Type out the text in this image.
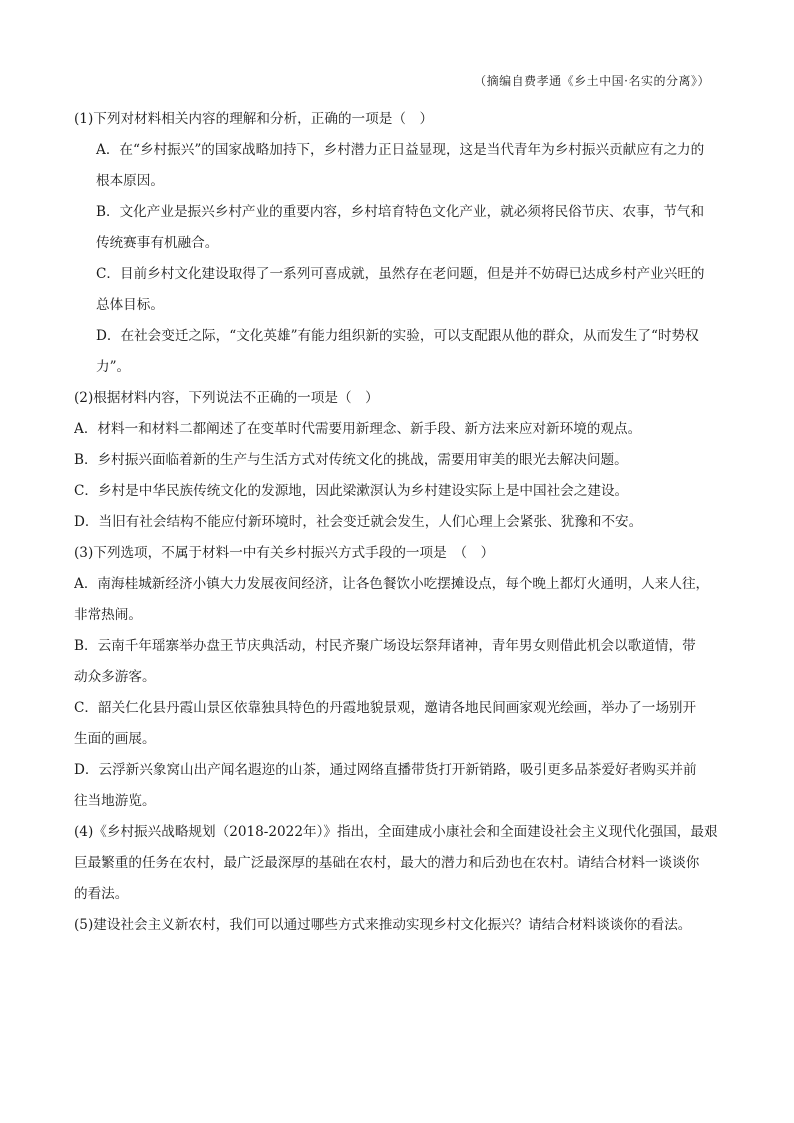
（摘编自费孝通《乡土中国·名实的分离》）
(1)下列对材料相关内容的理解和分析，正确的一项是（　）
A．在“乡村振兴”的国家战略加持下，乡村潜力正日益显现，这是当代青年为乡村振兴贡献应有之力的
根本原因。
B．文化产业是振兴乡村产业的重要内容，乡村培育特色文化产业，就必须将民俗节庆、农事，节气和
传统赛事有机融合。
C．目前乡村文化建设取得了一系列可喜成就，虽然存在老问题，但是并不妨碍已达成乡村产业兴旺的
总体目标。
D．在社会变迁之际，“文化英雄”有能力组织新的实验，可以支配跟从他的群众，从而发生了“时势权
力”。
(2)根据材料内容，下列说法不正确的一项是（　）
A．材料一和材料二都阐述了在变革时代需要用新理念、新手段、新方法来应对新环境的观点。
B．乡村振兴面临着新的生产与生活方式对传统文化的挑战，需要用审美的眼光去解决问题。
C．乡村是中华民族传统文化的发源地，因此梁漱溟认为乡村建设实际上是中国社会之建设。
D．当旧有社会结构不能应付新环境时，社会变迁就会发生，人们心理上会紧张、犹豫和不安。
(3)下列选项，不属于材料一中有关乡村振兴方式手段的一项是　（　）
A．南海桂城新经济小镇大力发展夜间经济，让各色餐饮小吃摆摊设点，每个晚上都灯火通明，人来人往，
非常热闹。
B．云南千年瑶寨举办盘王节庆典活动，村民齐聚广场设坛祭拜诸神，青年男女则借此机会以歌道情，带
动众多游客。
C．韶关仁化县丹霞山景区依靠独具特色的丹霞地貌景观，邀请各地民间画家观光绘画，举办了一场别开
生面的画展。
D．云浮新兴象窝山出产闻名遐迩的山茶，通过网络直播带货打开新销路，吸引更多品茶爱好者购买并前
往当地游览。
(4)《乡村振兴战略规划（2018-2022年）》指出，全面建成小康社会和全面建设社会主义现代化强国，最艰
巨最繁重的任务在农村，最广泛最深厚的基础在农村，最大的潜力和后劲也在农村。请结合材料一谈谈你
的看法。
(5)建设社会主义新农村，我们可以通过哪些方式来推动实现乡村文化振兴？请结合材料谈谈你的看法。
